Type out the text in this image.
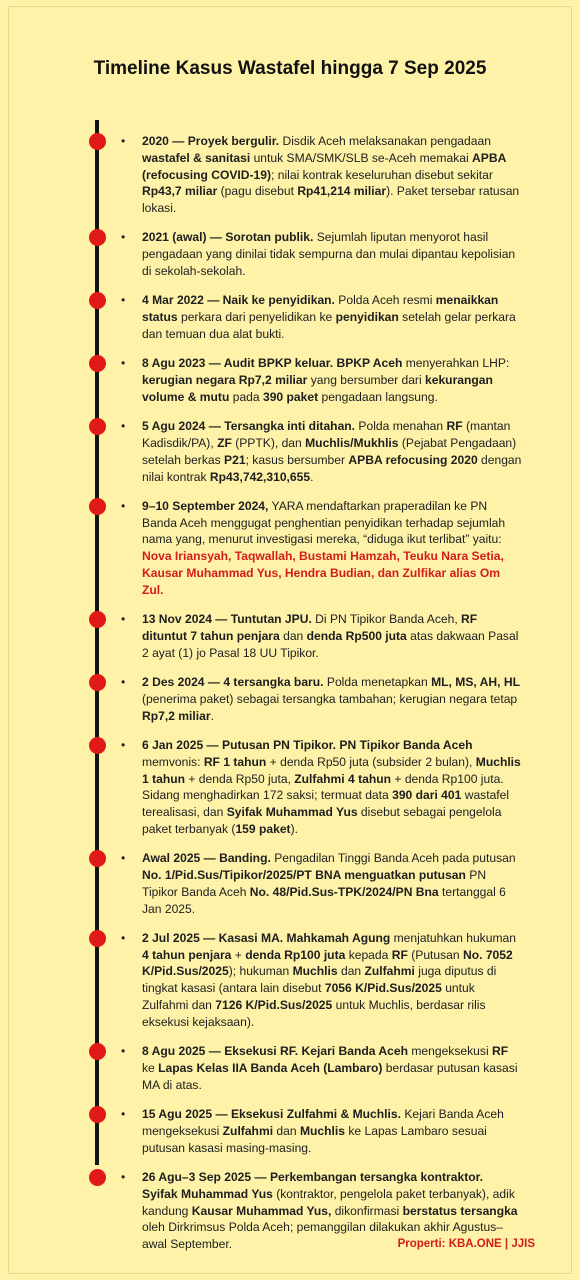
Timeline Kasus Wastafel hingga 7 Sep 2025
• 2020 — Proyek bergulir. Disdik Aceh melaksanakan pengadaan wastafel & sanitasi untuk SMA/SMK/SLB se-Aceh memakai APBA (refocusing COVID-19); nilai kontrak keseluruhan disebut sekitar Rp43,7 miliar (pagu disebut Rp41,214 miliar). Paket tersebar ratusan lokasi.
• 2021 (awal) — Sorotan publik. Sejumlah liputan menyorot hasil pengadaan yang dinilai tidak sempurna dan mulai dipantau kepolisian di sekolah-sekolah.
• 4 Mar 2022 — Naik ke penyidikan. Polda Aceh resmi menaikkan status perkara dari penyelidikan ke penyidikan setelah gelar perkara dan temuan dua alat bukti.
• 8 Agu 2023 — Audit BPKP keluar. BPKP Aceh menyerahkan LHP: kerugian negara Rp7,2 miliar yang bersumber dari kekurangan volume & mutu pada 390 paket pengadaan langsung.
• 5 Agu 2024 — Tersangka inti ditahan. Polda menahan RF (mantan Kadisdik/PA), ZF (PPTK), dan Muchlis/Mukhlis (Pejabat Pengadaan) setelah berkas P21; kasus bersumber APBA refocusing 2020 dengan nilai kontrak Rp43,742,310,655.
• 9–10 September 2024, YARA mendaftarkan praperadilan ke PN Banda Aceh menggugat penghentian penyidikan terhadap sejumlah nama yang, menurut investigasi mereka, “diduga ikut terlibat” yaitu: Nova Iriansyah, Taqwallah, Bustami Hamzah, Teuku Nara Setia, Kausar Muhammad Yus, Hendra Budian, dan Zulfikar alias Om Zul.
• 13 Nov 2024 — Tuntutan JPU. Di PN Tipikor Banda Aceh, RF dituntut 7 tahun penjara dan denda Rp500 juta atas dakwaan Pasal 2 ayat (1) jo Pasal 18 UU Tipikor.
• 2 Des 2024 — 4 tersangka baru. Polda menetapkan ML, MS, AH, HL (penerima paket) sebagai tersangka tambahan; kerugian negara tetap Rp7,2 miliar.
• 6 Jan 2025 — Putusan PN Tipikor. PN Tipikor Banda Aceh memvonis: RF 1 tahun + denda Rp50 juta (subsider 2 bulan), Muchlis 1 tahun + denda Rp50 juta, Zulfahmi 4 tahun + denda Rp100 juta. Sidang menghadirkan 172 saksi; termuat data 390 dari 401 wastafel terealisasi, dan Syifak Muhammad Yus disebut sebagai pengelola paket terbanyak (159 paket).
• Awal 2025 — Banding. Pengadilan Tinggi Banda Aceh pada putusan No. 1/Pid.Sus/Tipikor/2025/PT BNA menguatkan putusan PN Tipikor Banda Aceh No. 48/Pid.Sus-TPK/2024/PN Bna tertanggal 6 Jan 2025.
• 2 Jul 2025 — Kasasi MA. Mahkamah Agung menjatuhkan hukuman 4 tahun penjara + denda Rp100 juta kepada RF (Putusan No. 7052 K/Pid.Sus/2025); hukuman Muchlis dan Zulfahmi juga diputus di tingkat kasasi (antara lain disebut 7056 K/Pid.Sus/2025 untuk Zulfahmi dan 7126 K/Pid.Sus/2025 untuk Muchlis, berdasar rilis eksekusi kejaksaan).
• 8 Agu 2025 — Eksekusi RF. Kejari Banda Aceh mengeksekusi RF ke Lapas Kelas IIA Banda Aceh (Lambaro) berdasar putusan kasasi MA di atas.
• 15 Agu 2025 — Eksekusi Zulfahmi & Muchlis. Kejari Banda Aceh mengeksekusi Zulfahmi dan Muchlis ke Lapas Lambaro sesuai putusan kasasi masing-masing.
• 26 Agu–3 Sep 2025 — Perkembangan tersangka kontraktor. Syifak Muhammad Yus (kontraktor, pengelola paket terbanyak), adik kandung Kausar Muhammad Yus, dikonfirmasi berstatus tersangka oleh Dirkrimsus Polda Aceh; pemanggilan dilakukan akhir Agustus–awal September.	Properti: KBA.ONE | JJIS
